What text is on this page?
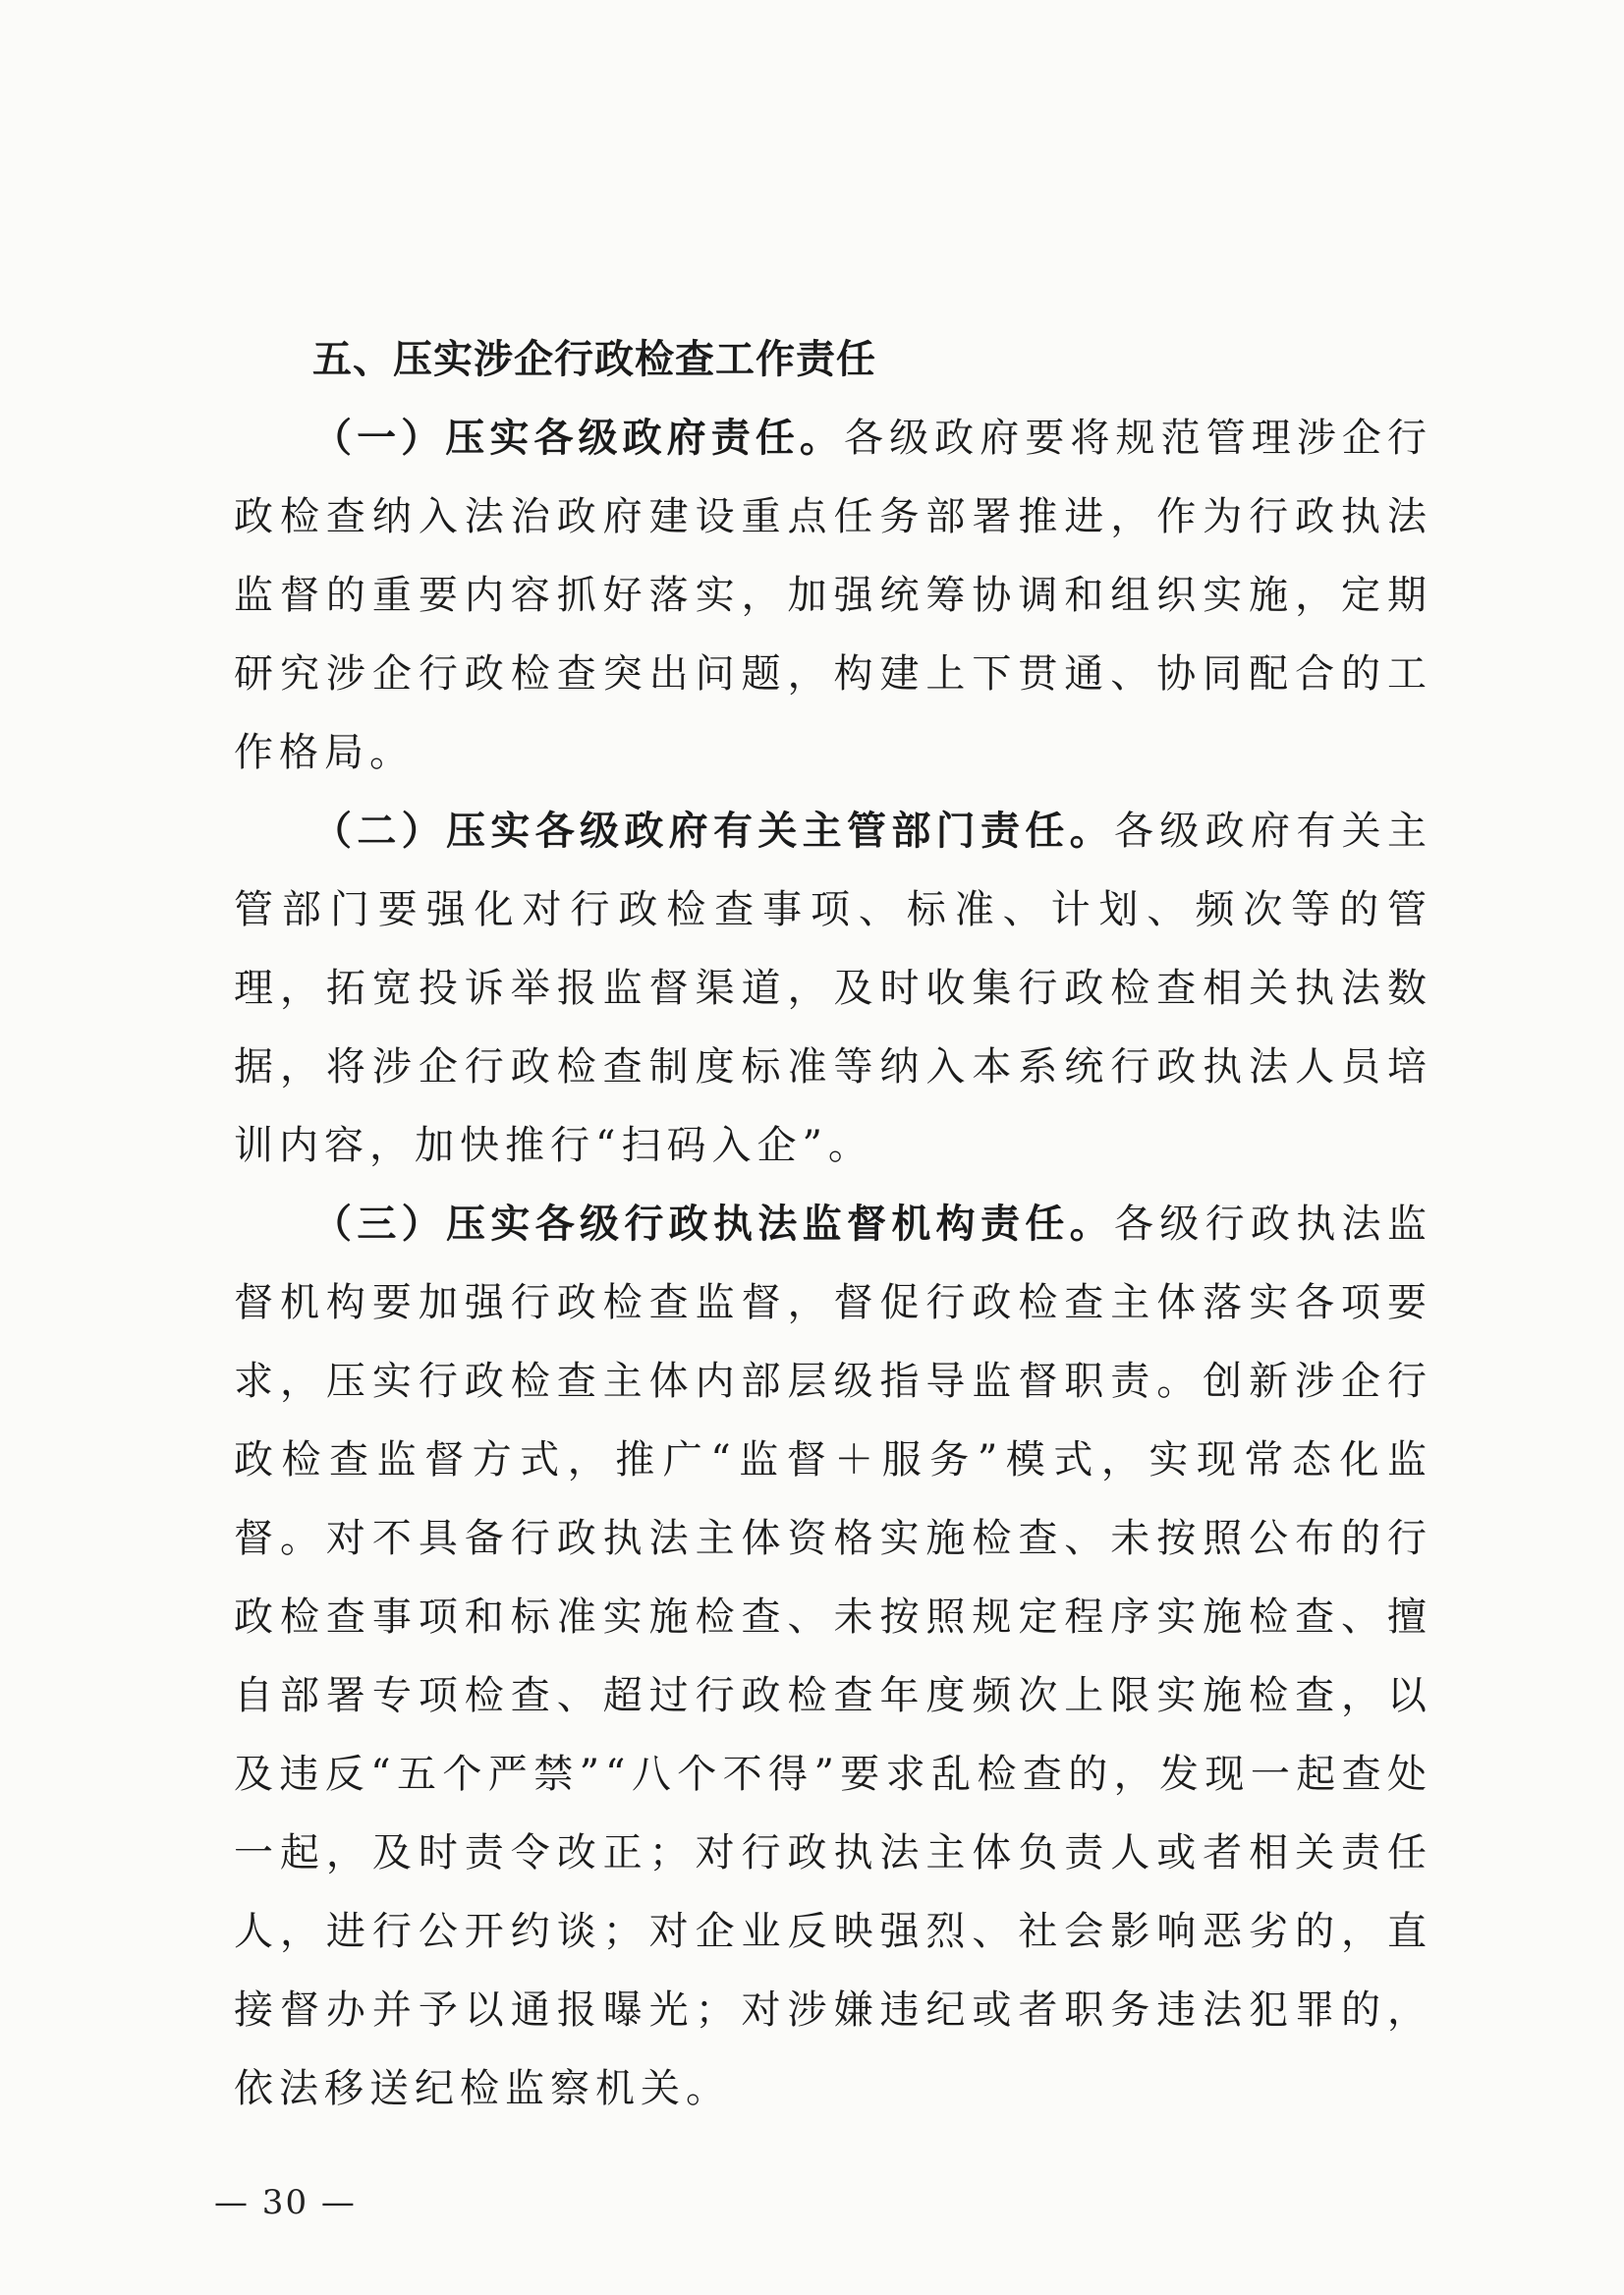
五、压实涉企行政检查工作责任

（一）压实各级政府责任。各级政府要将规范管理涉企行政检查纳入法治政府建设重点任务部署推进，作为行政执法监督的重要内容抓好落实，加强统筹协调和组织实施，定期研究涉企行政检查突出问题，构建上下贯通、协同配合的工作格局。

（二）压实各级政府有关主管部门责任。各级政府有关主管部门要强化对行政检查事项、标准、计划、频次等的管理，拓宽投诉举报监督渠道，及时收集行政检查相关执法数据，将涉企行政检查制度标准等纳入本系统行政执法人员培训内容，加快推行“扫码入企”。

（三）压实各级行政执法监督机构责任。各级行政执法监督机构要加强行政检查监督，督促行政检查主体落实各项要求，压实行政检查主体内部层级指导监督职责。创新涉企行政检查监督方式，推广“监督＋服务”模式，实现常态化监督。对不具备行政执法主体资格实施检查、未按照公布的行政检查事项和标准实施检查、未按照规定程序实施检查、擅自部署专项检查、超过行政检查年度频次上限实施检查，以及违反“五个严禁”“八个不得”要求乱检查的，发现一起查处一起，及时责令改正；对行政执法主体负责人或者相关责任人，进行公开约谈；对企业反映强烈、社会影响恶劣的，直接督办并予以通报曝光；对涉嫌违纪或者职务违法犯罪的，依法移送纪检监察机关。

— 30 —
